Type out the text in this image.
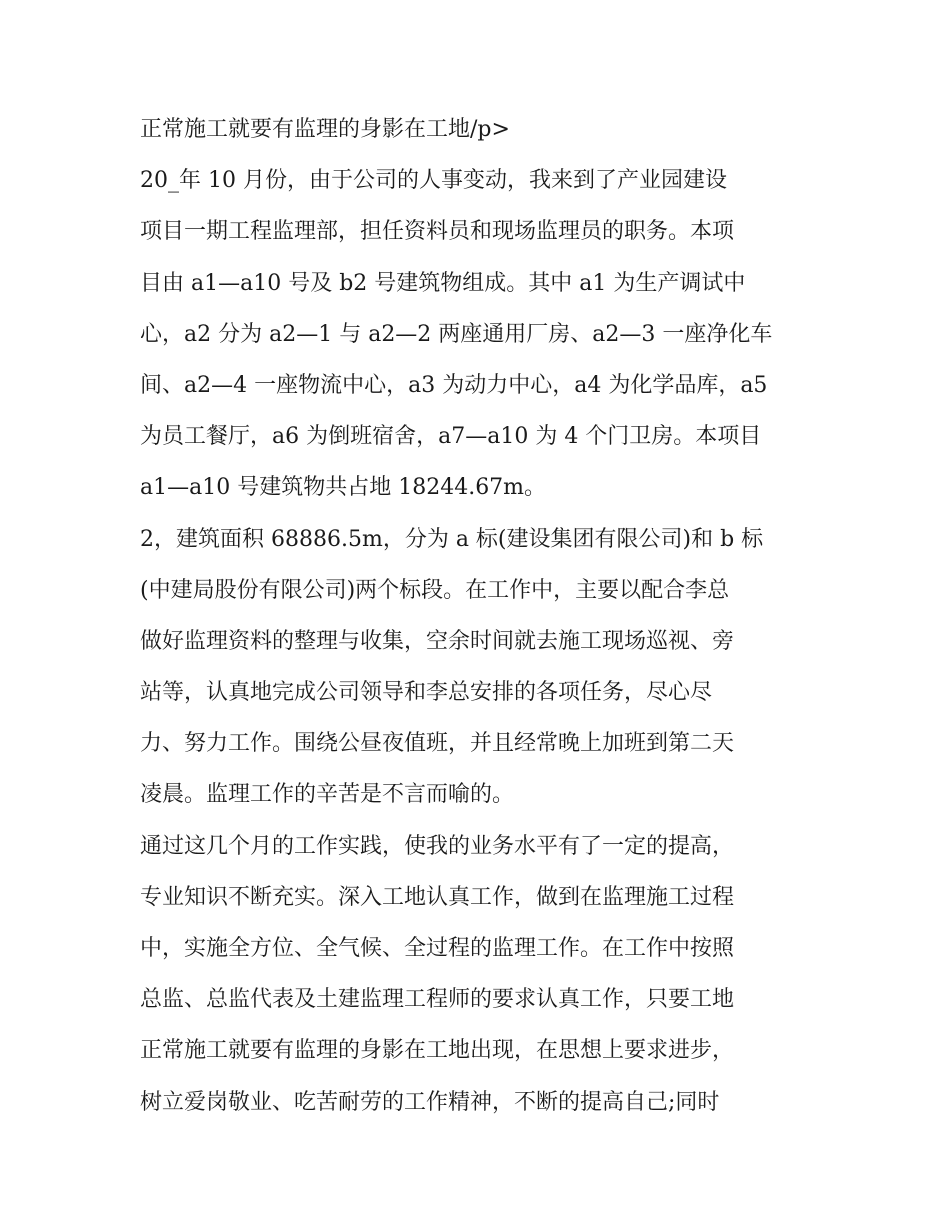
正常施工就要有监理的身影在工地/p>
20_年 10 月份，由于公司的人事变动，我来到了产业园建设
项目一期工程监理部，担任资料员和现场监理员的职务。本项
目由 a1—a10 号及 b2 号建筑物组成。其中 a1 为生产调试中
心，a2 分为 a2—1 与 a2—2 两座通用厂房、a2—3 一座净化车
间、a2—4 一座物流中心，a3 为动力中心，a4 为化学品库，a5
为员工餐厅，a6 为倒班宿舍，a7—a10 为 4 个门卫房。本项目
a1—a10 号建筑物共占地 18244.67m。
2，建筑面积 68886.5m，分为 a 标(建设集团有限公司)和 b 标
(中建局股份有限公司)两个标段。在工作中，主要以配合李总
做好监理资料的整理与收集，空余时间就去施工现场巡视、旁
站等，认真地完成公司领导和李总安排的各项任务，尽心尽
力、努力工作。围绕公昼夜值班，并且经常晚上加班到第二天
凌晨。监理工作的辛苦是不言而喻的。
通过这几个月的工作实践，使我的业务水平有了一定的提高，
专业知识不断充实。深入工地认真工作，做到在监理施工过程
中，实施全方位、全气候、全过程的监理工作。在工作中按照
总监、总监代表及土建监理工程师的要求认真工作，只要工地
正常施工就要有监理的身影在工地出现，在思想上要求进步，
树立爱岗敬业、吃苦耐劳的工作精神，不断的提高自己;同时
